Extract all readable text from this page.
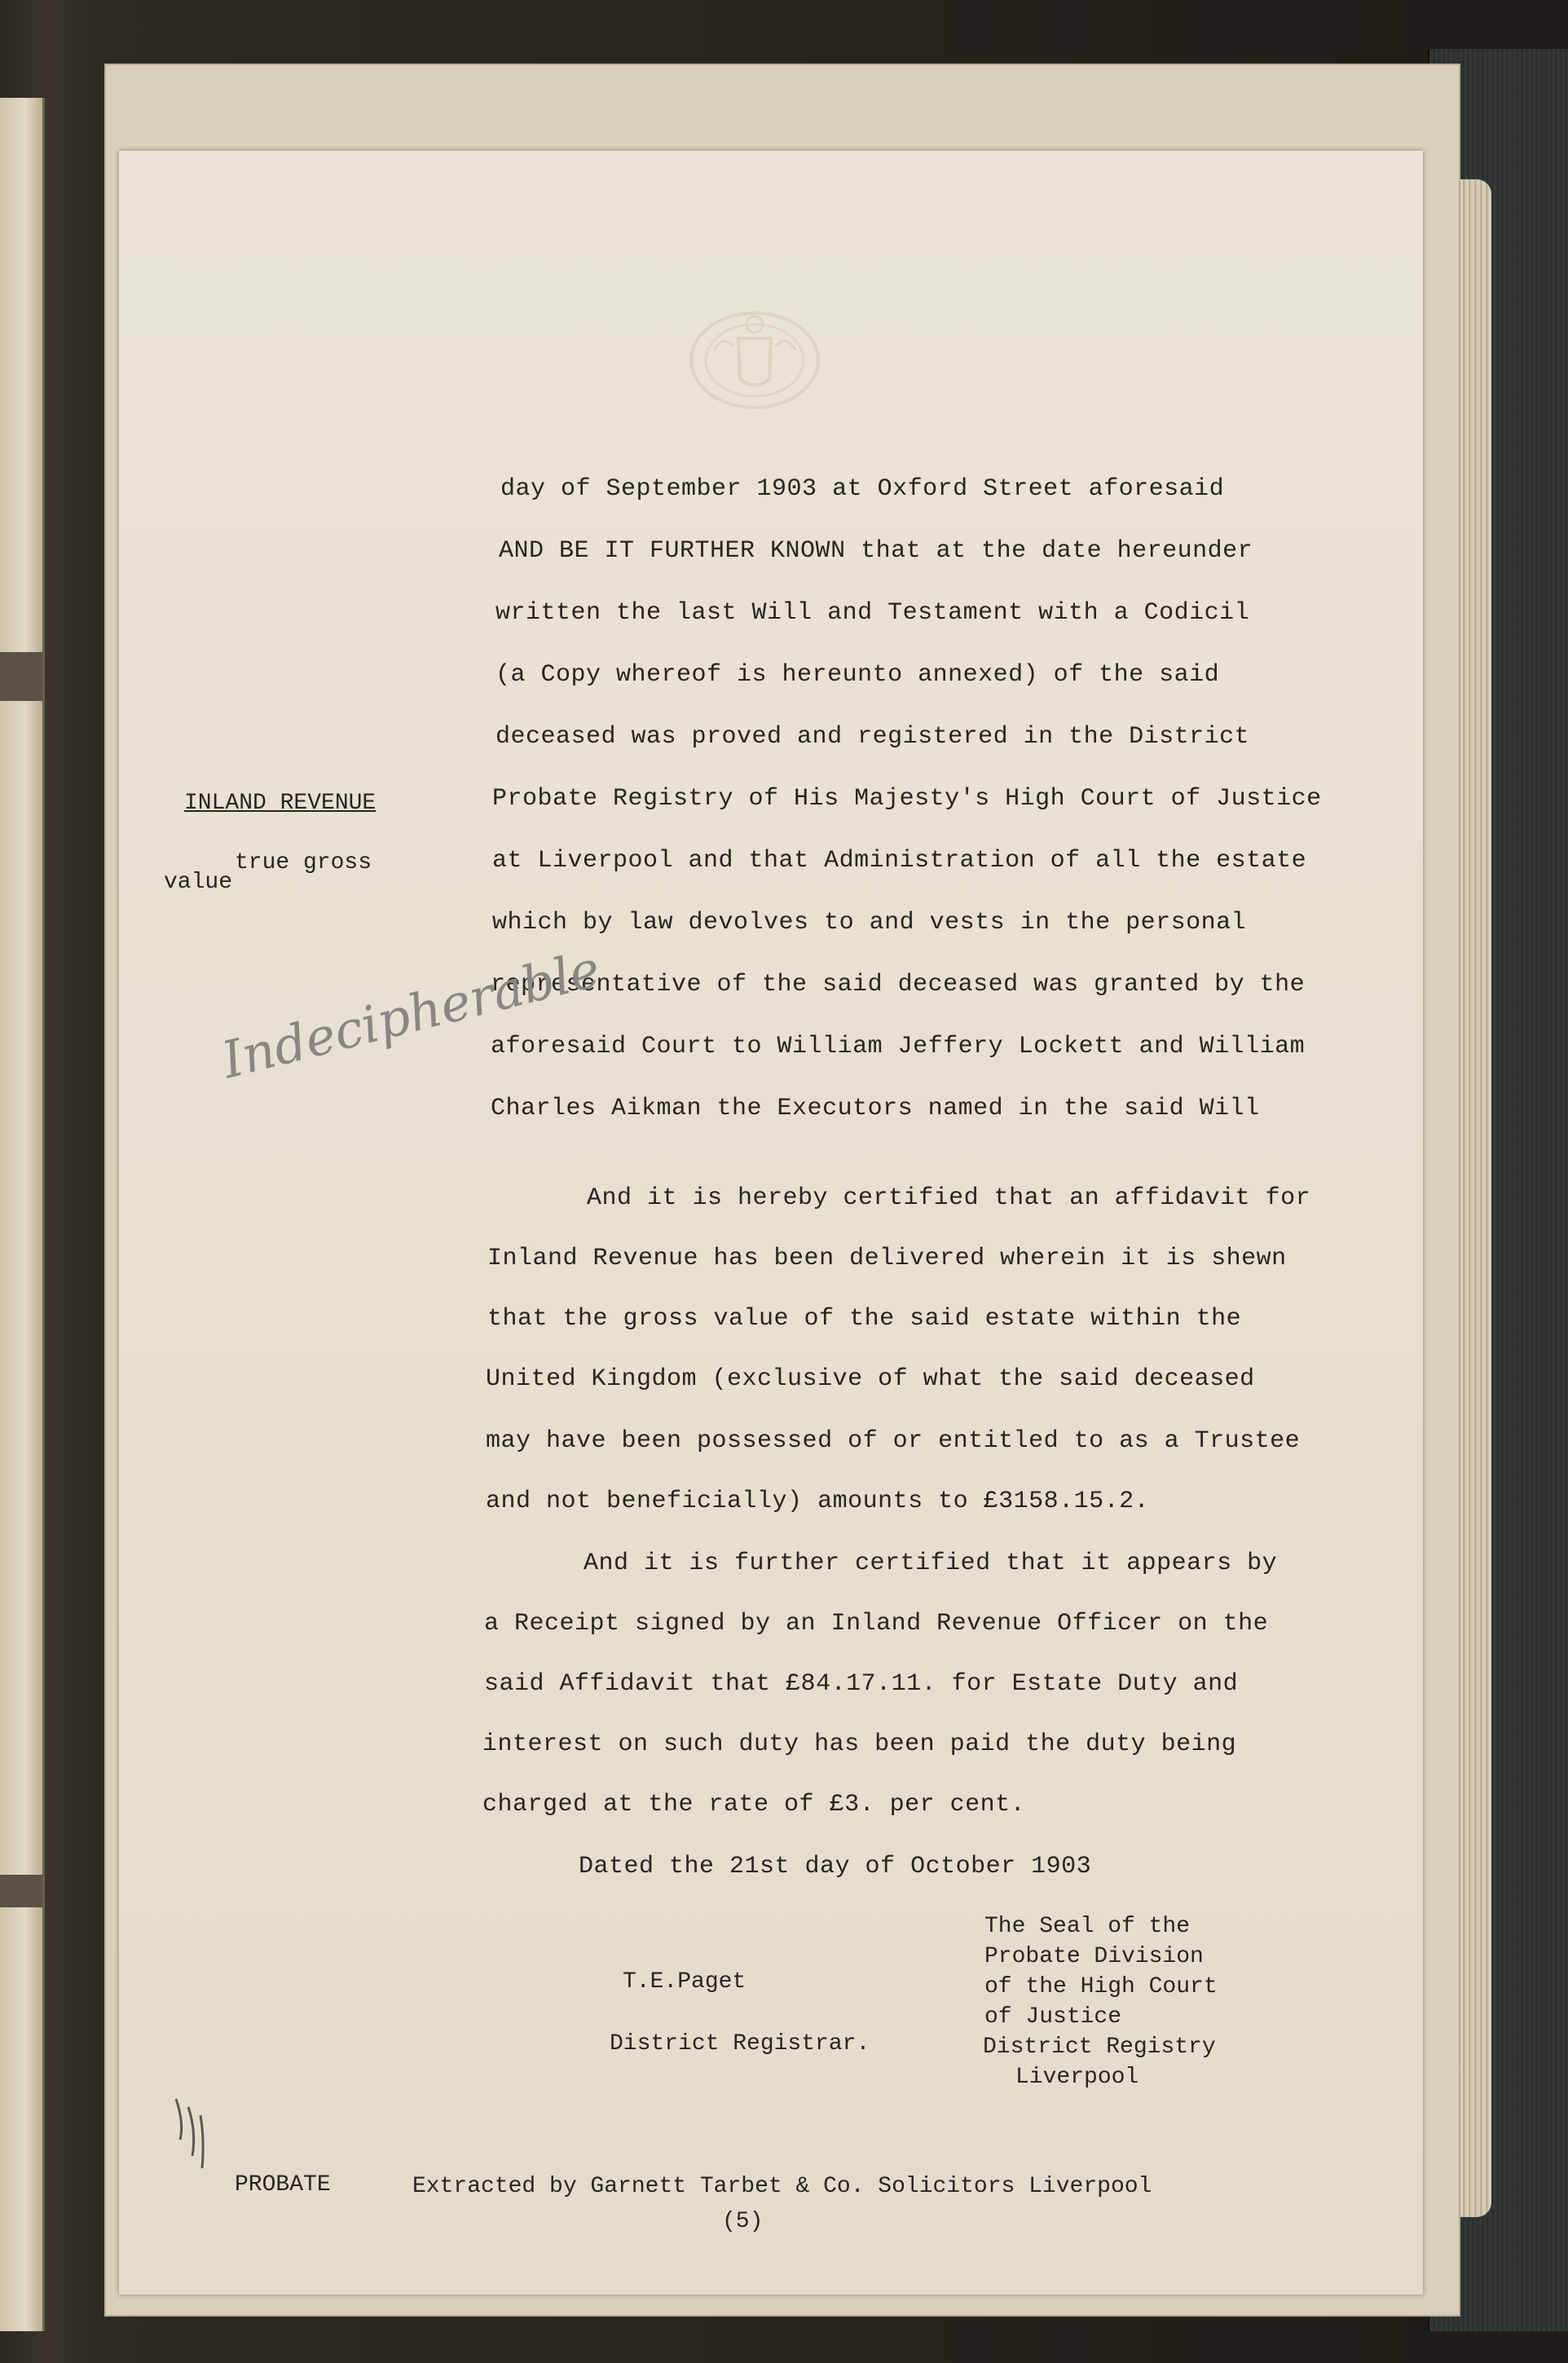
day of September 1903 at Oxford Street aforesaid
AND BE IT FURTHER KNOWN that at the date hereunder
written the last Will and Testament with a Codicil
(a Copy whereof is hereunto annexed) of the said
deceased was proved and registered in the District
Probate Registry of His Majesty's High Court of Justice
at Liverpool and that Administration of all the estate
which by law devolves to and vests in the personal
representative of the said deceased was granted by the
aforesaid Court to William Jeffery Lockett and William
Charles Aikman the Executors named in the said Will
INLAND REVENUE
true gross
value
Indecipherable
And it is hereby certified that an affidavit for
Inland Revenue has been delivered wherein it is shewn
that the gross value of the said estate within the
United Kingdom (exclusive of what the said deceased
may have been possessed of or entitled to as a Trustee
and not beneficially) amounts to £3158.15.2.
And it is further certified that it appears by
a Receipt signed by an Inland Revenue Officer on the
said Affidavit that £84.17.11. for Estate Duty and
interest on such duty has been paid the duty being
charged at the rate of £3. per cent.
Dated the 21st day of October 1903
T.E.Paget
District Registrar.
The Seal of the
Probate Division
of the High Court
of Justice
District Registry
Liverpool
PROBATE	Extracted by Garnett Tarbet & Co. Solicitors Liverpool
(5)
